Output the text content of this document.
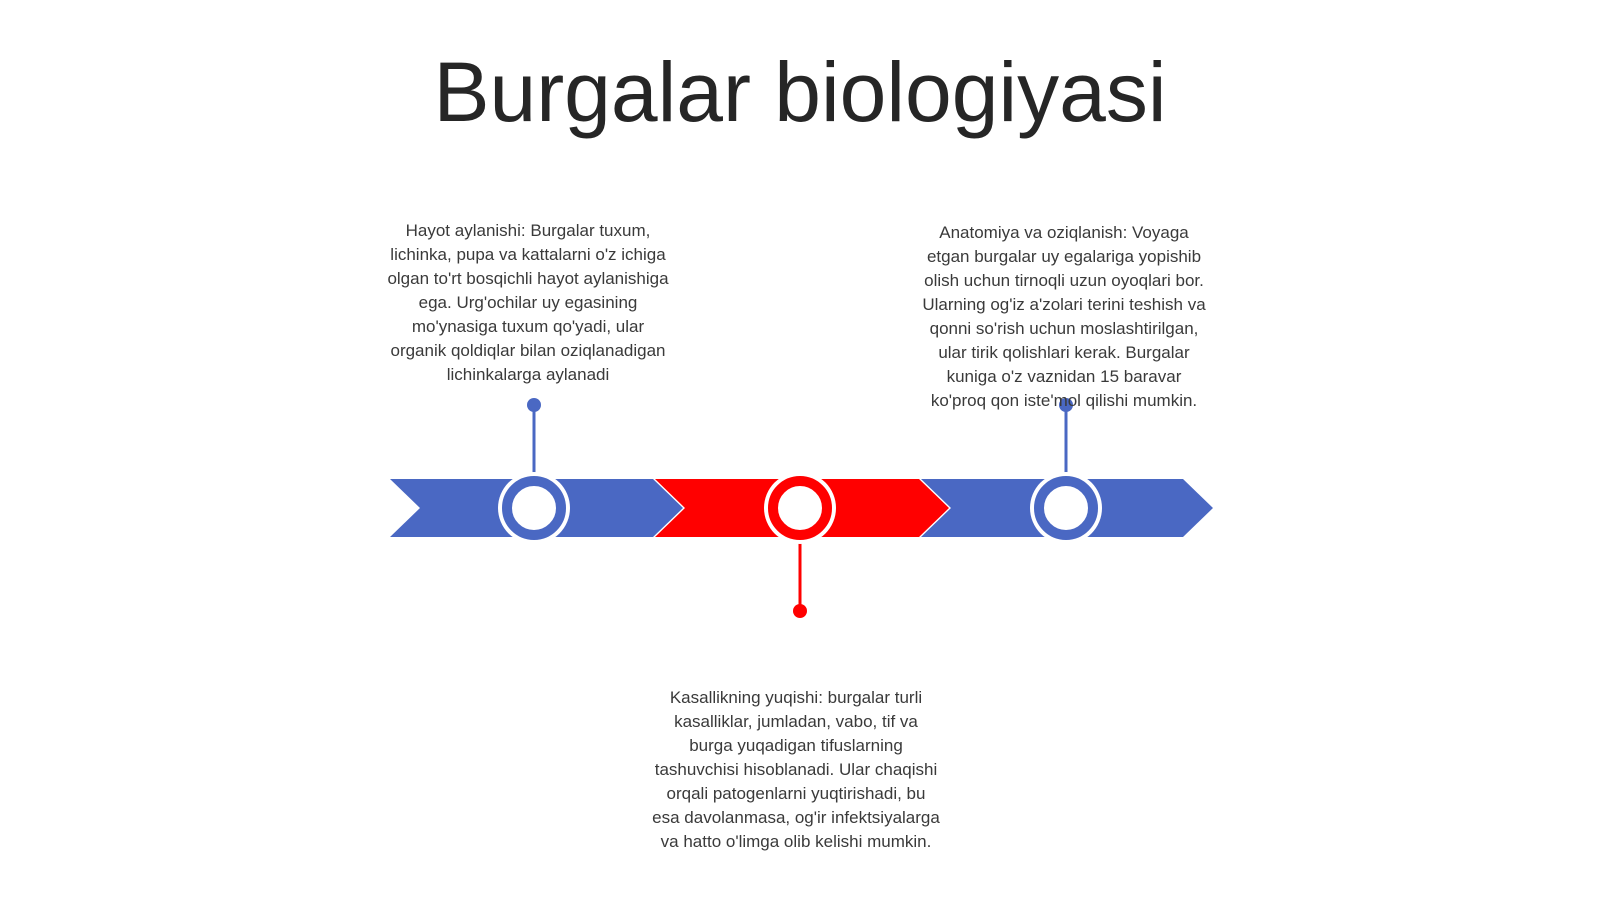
Burgalar biologiyasi

Hayot aylanishi: Burgalar tuxum, lichinka, pupa va kattalarni o'z ichiga olgan to'rt bosqichli hayot aylanishiga ega. Urg'ochilar uy egasining mo'ynasiga tuxum qo'yadi, ular organik qoldiqlar bilan oziqlanadigan lichinkalarga aylanadi

Anatomiya va oziqlanish: Voyaga etgan burgalar uy egalariga yopishib olish uchun tirnoqli uzun oyoqlari bor. Ularning og'iz a'zolari terini teshish va qonni so'rish uchun moslashtirilgan, ular tirik qolishlari kerak. Burgalar kuniga o'z vaznidan 15 baravar ko'proq qon iste'mol qilishi mumkin.

Kasallikning yuqishi: burgalar turli kasalliklar, jumladan, vabo, tif va burga yuqadigan tifuslarning tashuvchisi hisoblanadi. Ular chaqishi orqali patogenlarni yuqtirishadi, bu esa davolanmasa, og'ir infektsiyalarga va hatto o'limga olib kelishi mumkin.
